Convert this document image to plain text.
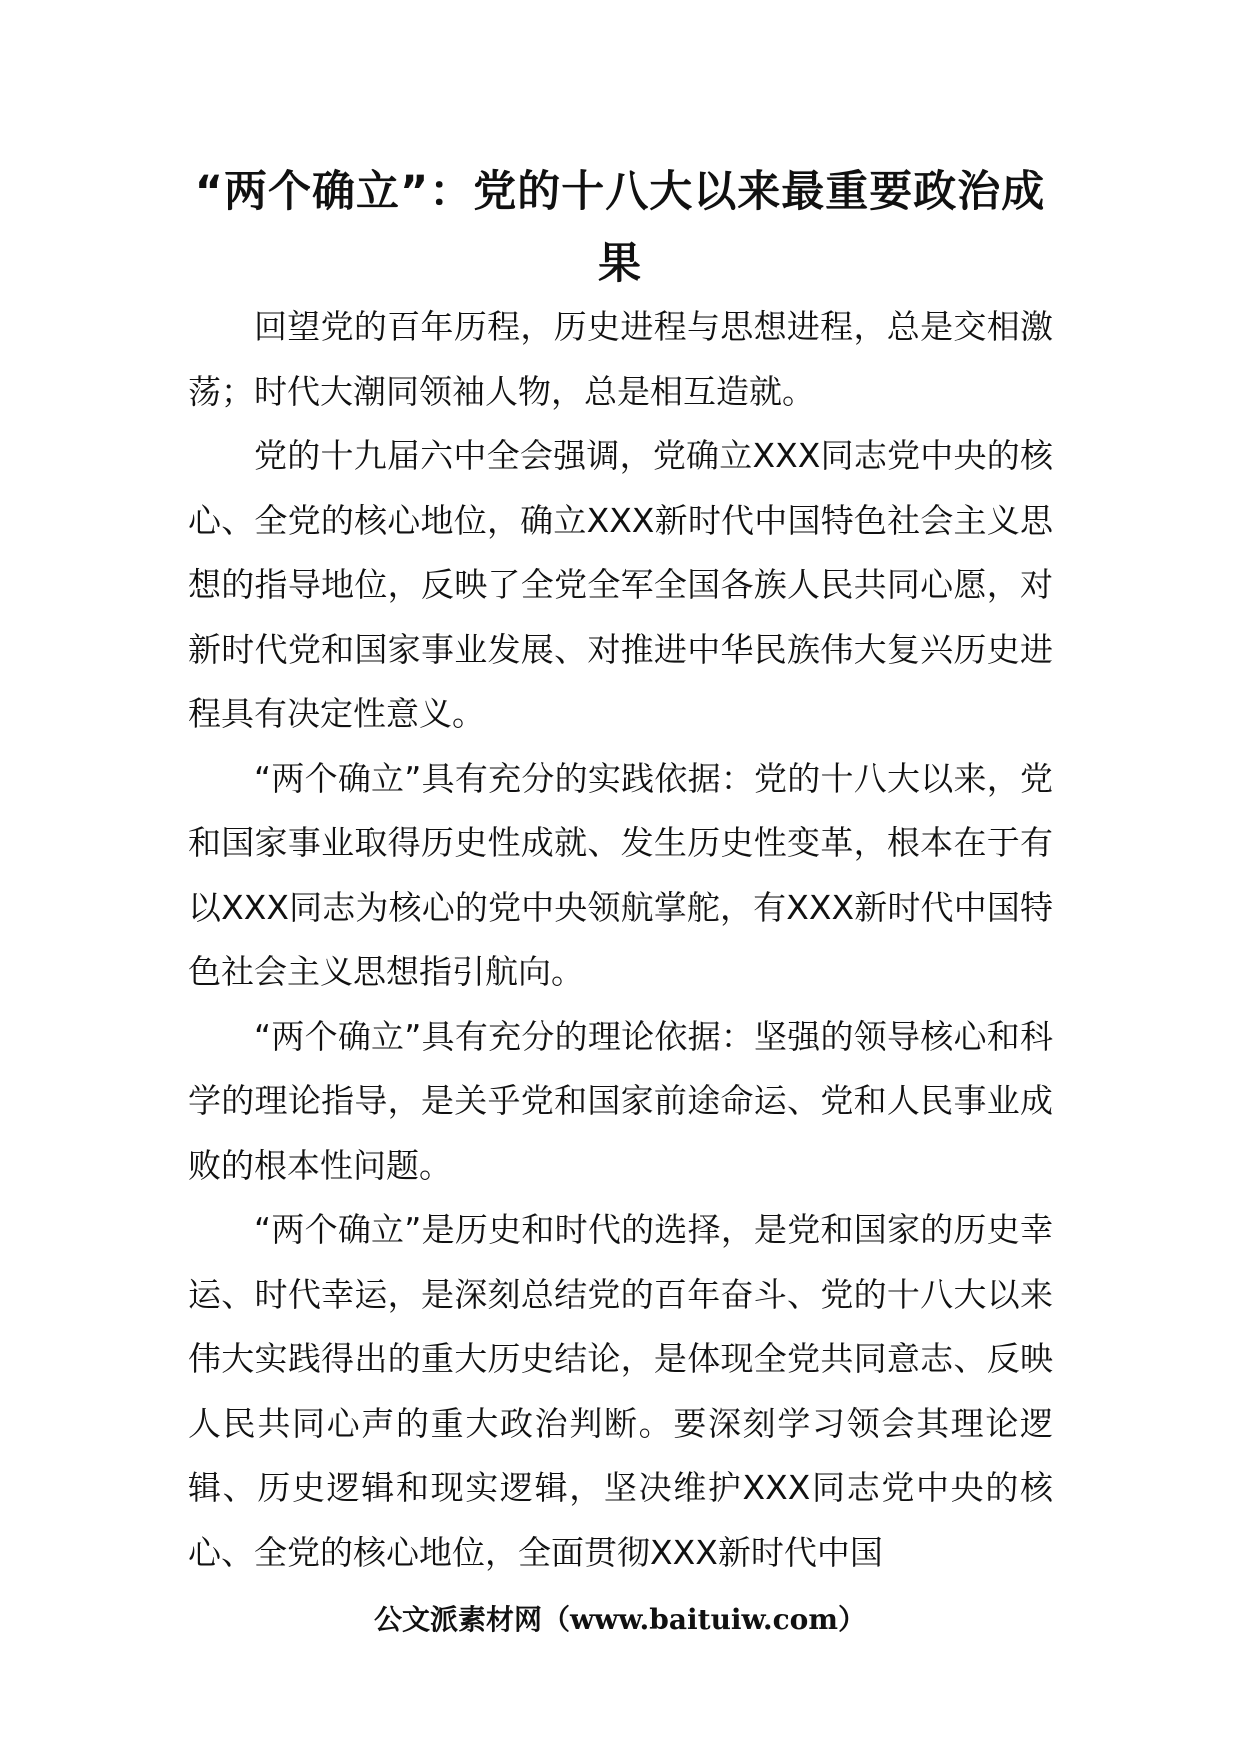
“两个确立”：党的十八大以来最重要政治成果

回望党的百年历程，历史进程与思想进程，总是交相激荡；时代大潮同领袖人物，总是相互造就。

党的十九届六中全会强调，党确立XXX同志党中央的核心、全党的核心地位，确立XXX新时代中国特色社会主义思想的指导地位，反映了全党全军全国各族人民共同心愿，对新时代党和国家事业发展、对推进中华民族伟大复兴历史进程具有决定性意义。

“两个确立”具有充分的实践依据：党的十八大以来，党和国家事业取得历史性成就、发生历史性变革，根本在于有以XXX同志为核心的党中央领航掌舵，有XXX新时代中国特色社会主义思想指引航向。

“两个确立”具有充分的理论依据：坚强的领导核心和科学的理论指导，是关乎党和国家前途命运、党和人民事业成败的根本性问题。

“两个确立”是历史和时代的选择，是党和国家的历史幸运、时代幸运，是深刻总结党的百年奋斗、党的十八大以来伟大实践得出的重大历史结论，是体现全党共同意志、反映人民共同心声的重大政治判断。要深刻学习领会其理论逻辑、历史逻辑和现实逻辑，坚决维护XXX同志党中央的核心、全党的核心地位，全面贯彻XXX新时代中国

公文派素材网（www.baituiw.com）
